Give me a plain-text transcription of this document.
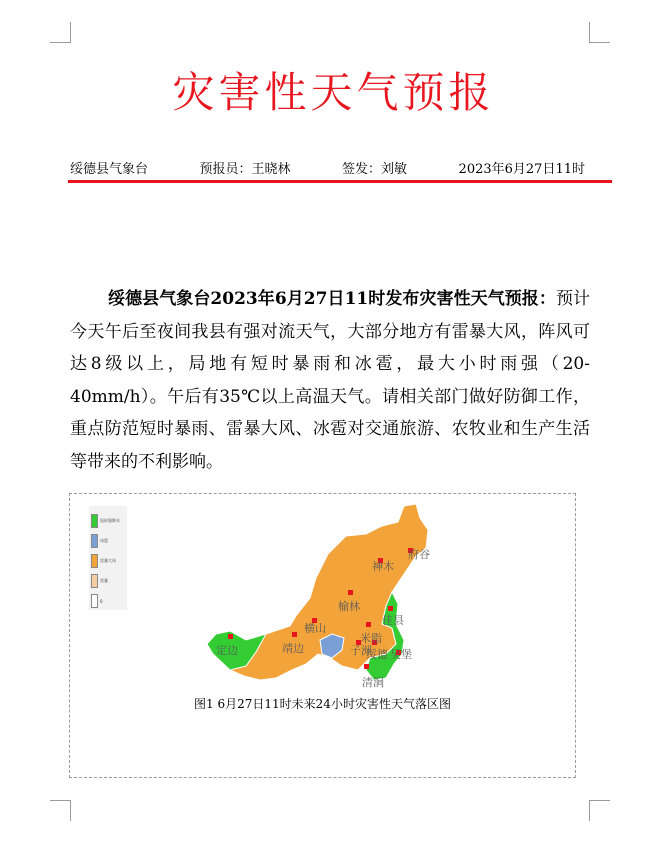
灾害性天气预报
绥德县气象台	预报员：王晓林	签发：刘敏	2023年6月27日11时

绥德县气象台2023年6月27日11时发布灾害性天气预报：预计今天午后至夜间我县有强对流天气，大部分地方有雷暴大风，阵风可达8级以上，局地有短时暴雨和冰雹，最大小时雨强（20-40mm/h）。午后有35℃以上高温天气。请相关部门做好防御工作，重点防范短时暴雨、雷暴大风、冰雹对交通旅游、农牧业和生产生活等带来的不利影响。

短时强降水
冰雹
雷暴大风
雷暴
0
府谷
神木
佳县
榆林
横山
靖边
定边
米脂
子洲
绥德 吴堡
清涧
图1 6月27日11时未来24小时灾害性天气落区图
